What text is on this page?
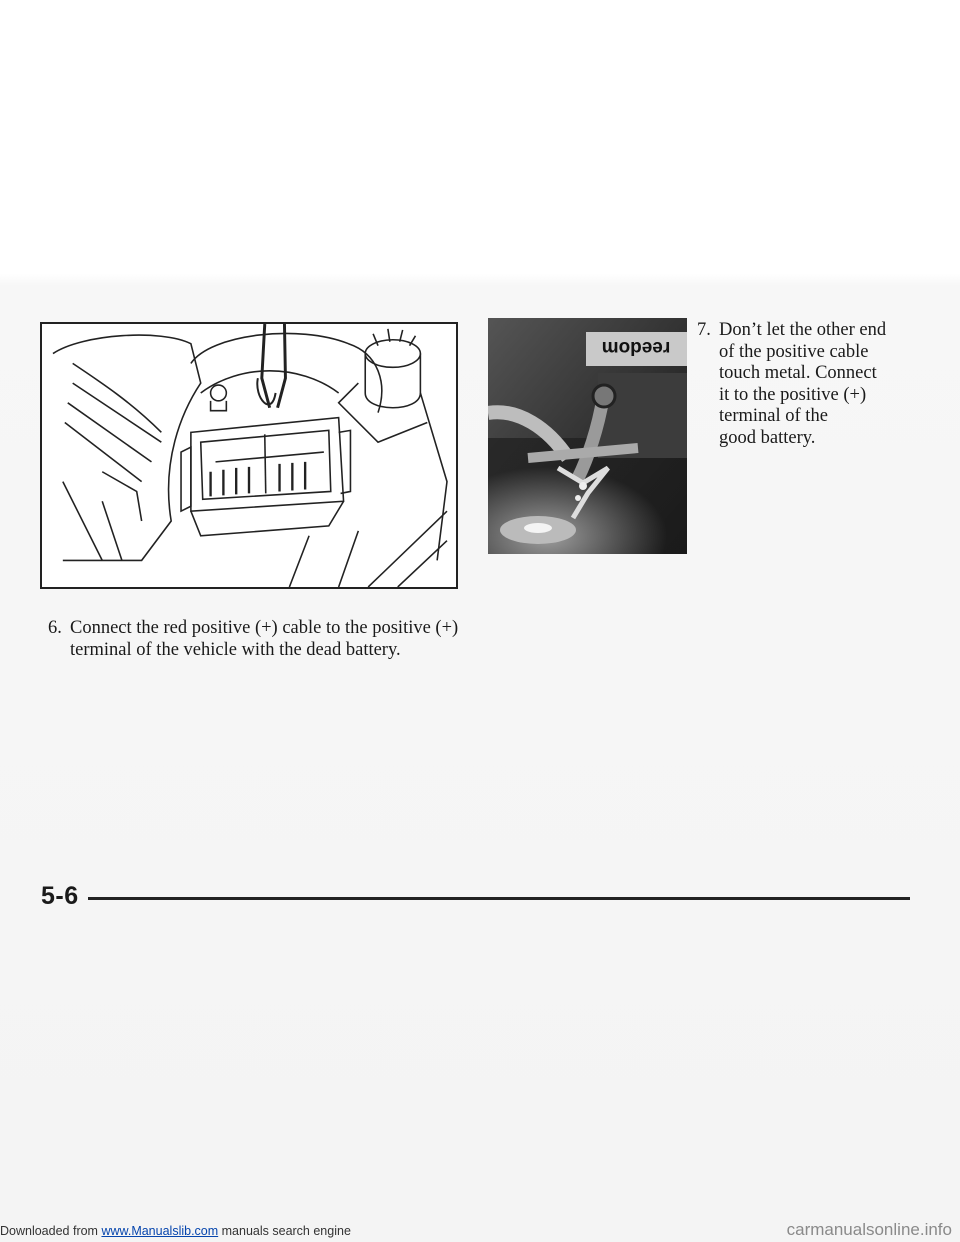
reedom
7. Don’t let the other end
of the positive cable
touch metal. Connect
it to the positive (+)
terminal of the
good battery.
6. Connect the red positive (+) cable to the positive (+)
terminal of the vehicle with the dead battery.
5-6
Downloaded from www.Manualslib.com manuals search engine	carmanualsonline.info
